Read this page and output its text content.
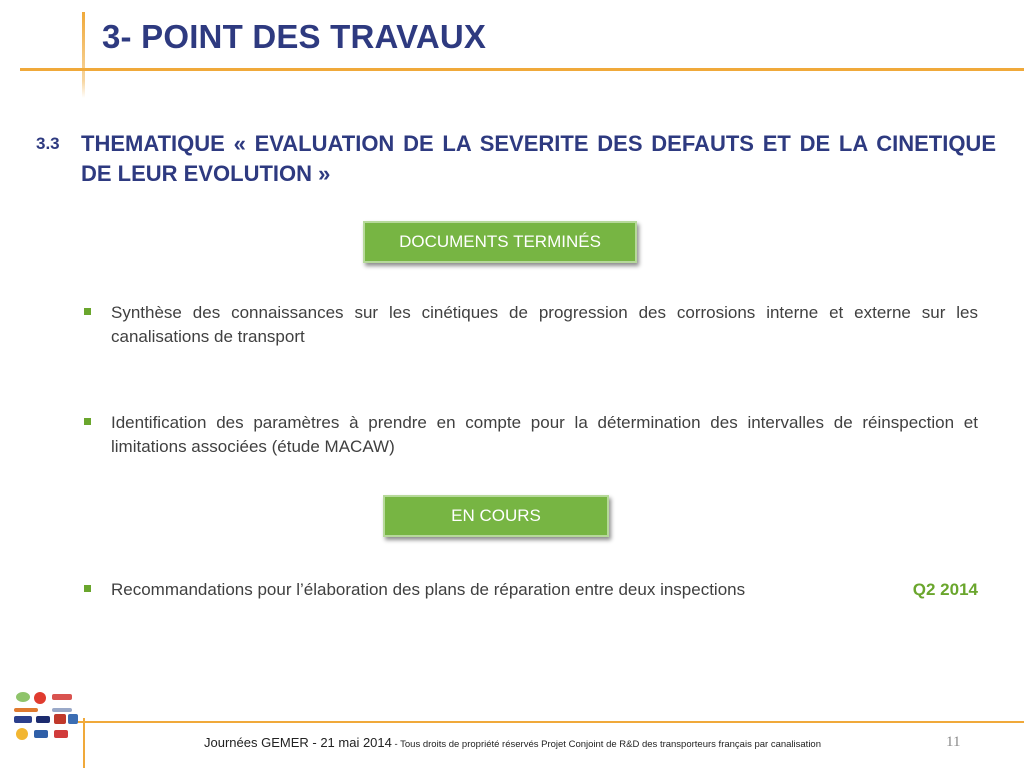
3- POINT DES TRAVAUX
3.3 THEMATIQUE « EVALUATION DE LA SEVERITE DES DEFAUTS ET DE LA CINETIQUE DE LEUR EVOLUTION »
DOCUMENTS TERMINÉS
Synthèse des connaissances sur les cinétiques de progression des corrosions interne et externe sur les canalisations de transport
Identification des paramètres à prendre en compte pour la détermination des intervalles de réinspection et limitations associées (étude MACAW)
EN COURS
Recommandations pour l’élaboration des plans de réparation entre deux inspections	Q2 2014
Journées GEMER - 21 mai 2014 - Tous droits de propriété réservés Projet Conjoint de R&D des transporteurs français par canalisation	11
